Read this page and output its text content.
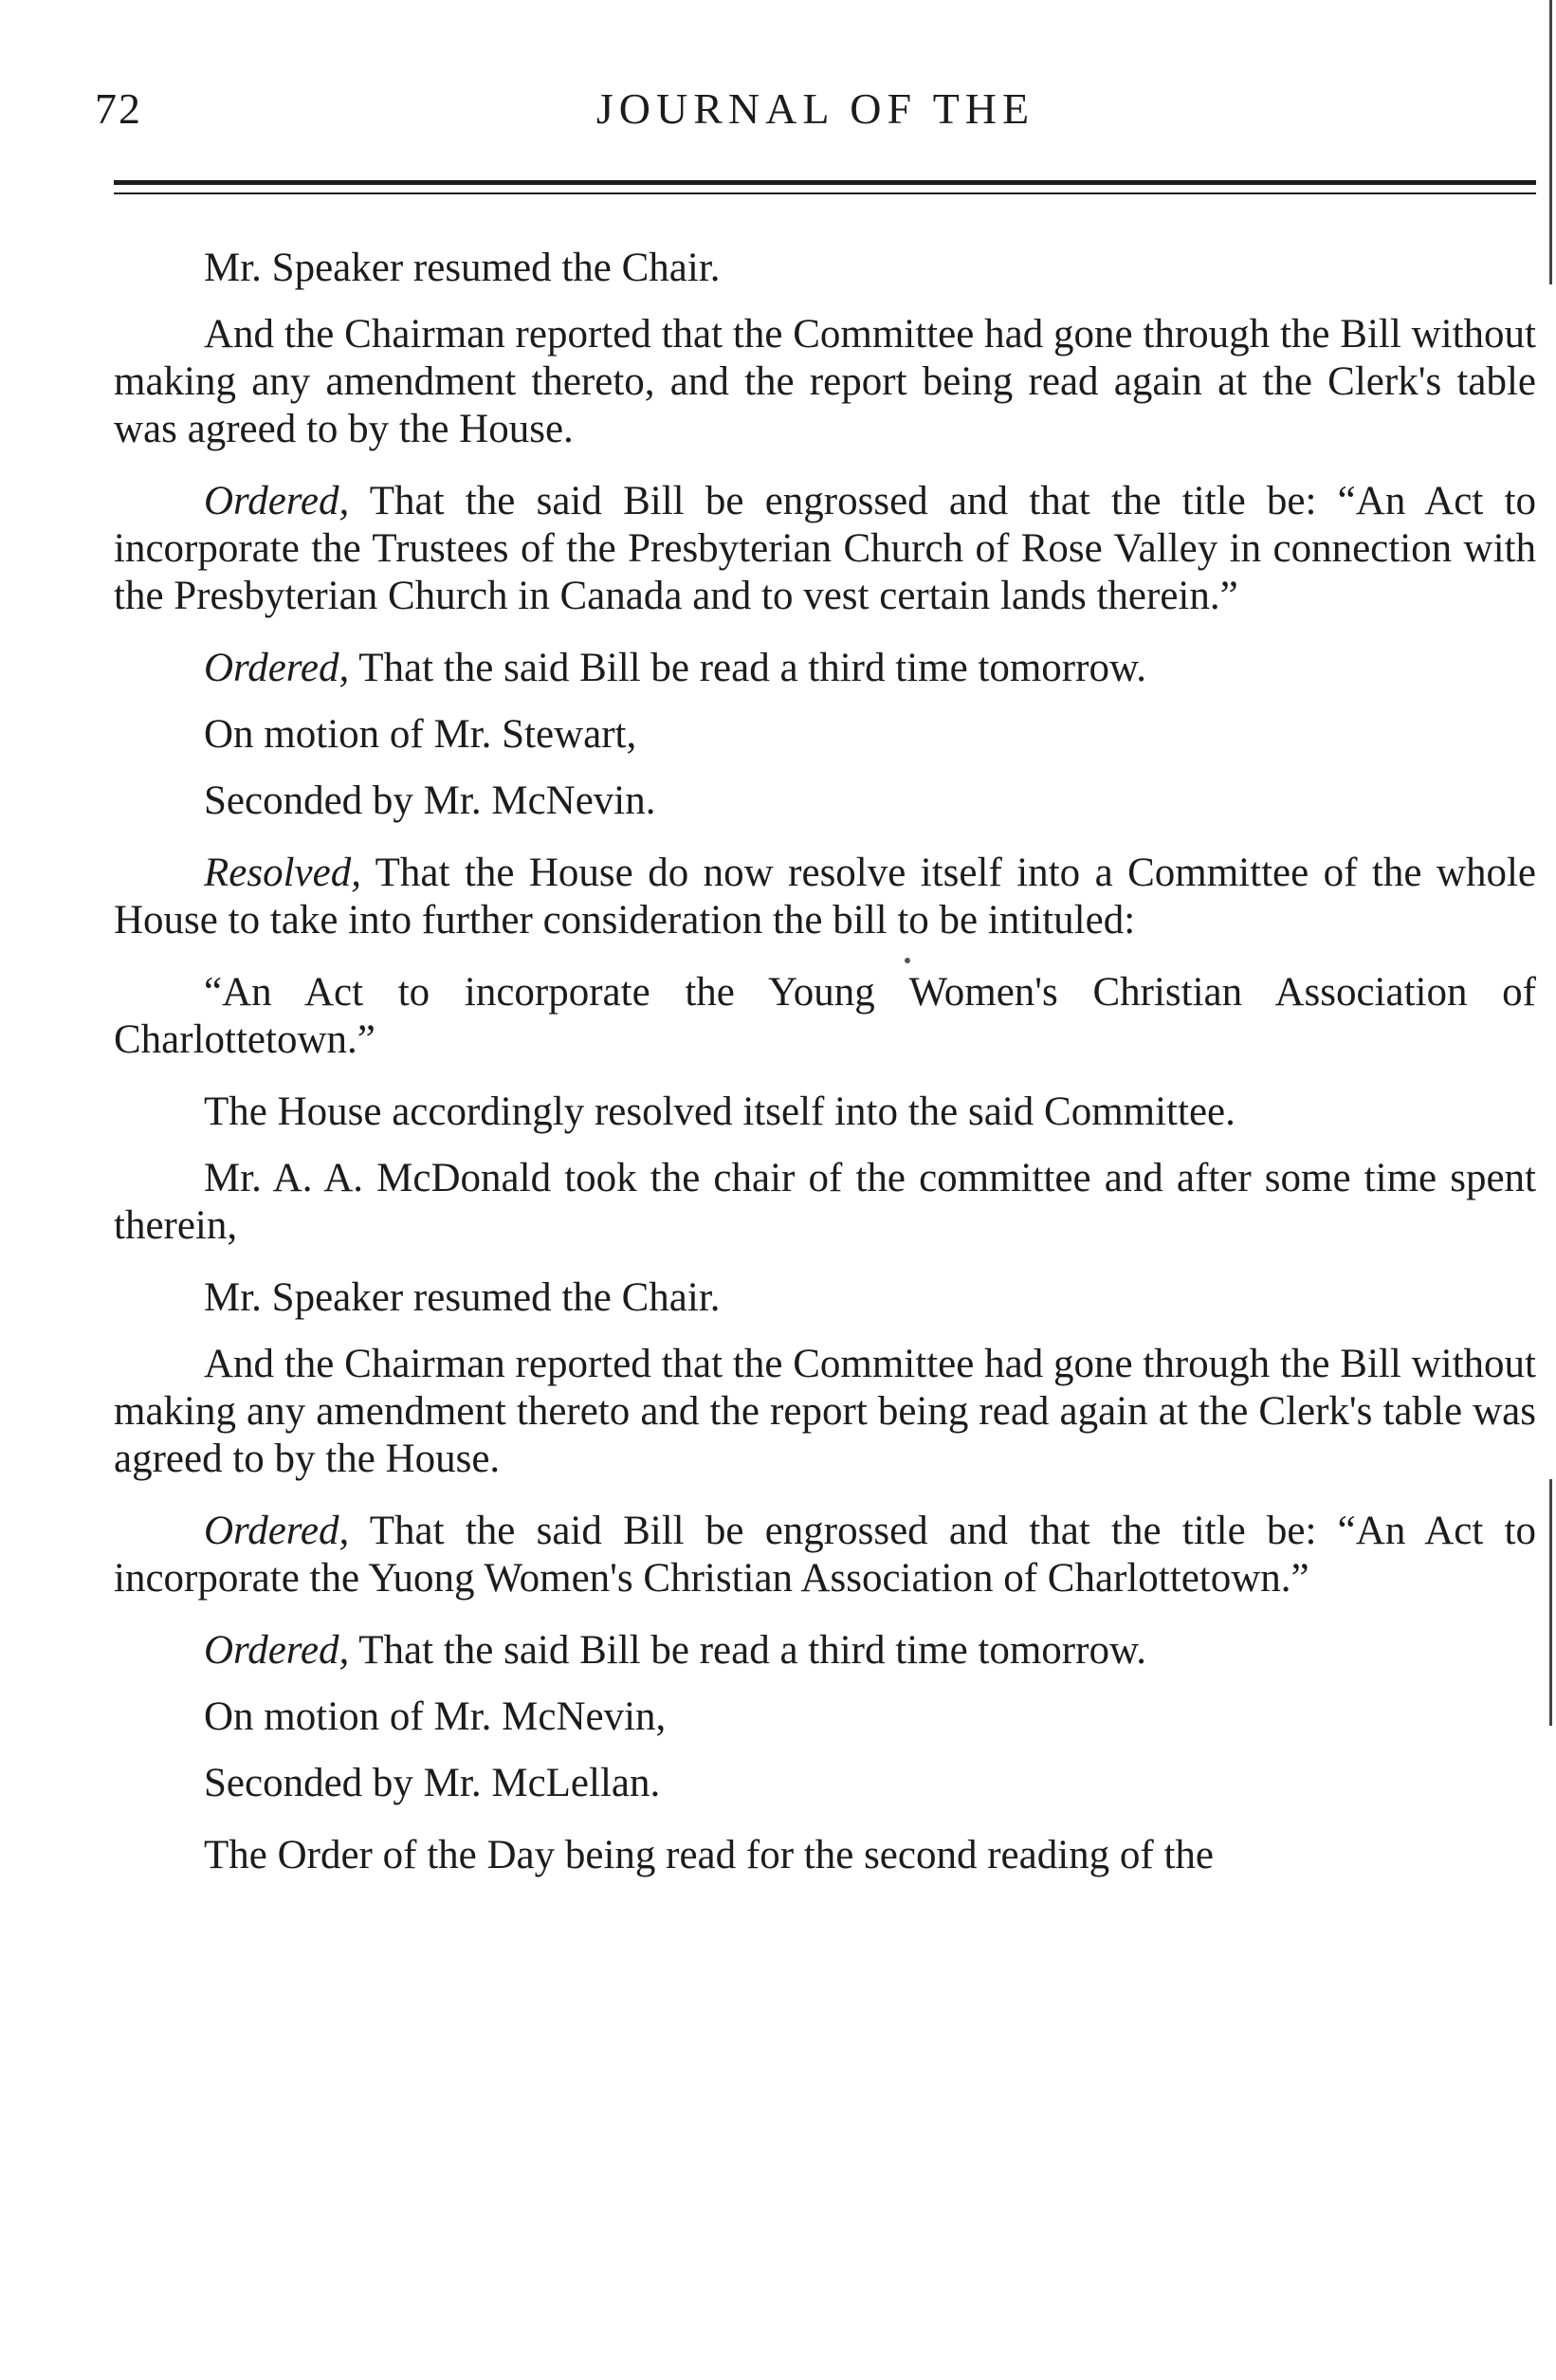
72	JOURNAL OF THE

Mr. Speaker resumed the Chair.

And the Chairman reported that the Committee had gone through the Bill without making any amendment thereto, and the report being read again at the Clerk's table was agreed to by the House.

Ordered, That the said Bill be engrossed and that the title be: “An Act to incorporate the Trustees of the Presbyterian Church of Rose Valley in connection with the Presbyterian Church in Canada and to vest certain lands therein.”

Ordered, That the said Bill be read a third time tomorrow.

On motion of Mr. Stewart,

Seconded by Mr. McNevin.

Resolved, That the House do now resolve itself into a Committee of the whole House to take into further consideration the bill to be intituled:

“An Act to incorporate the Young Women's Christian Association of Charlottetown.”

The House accordingly resolved itself into the said Committee.

Mr. A. A. McDonald took the chair of the committee and after some time spent therein,

Mr. Speaker resumed the Chair.

And the Chairman reported that the Committee had gone through the Bill without making any amendment thereto and the report being read again at the Clerk's table was agreed to by the House.

Ordered, That the said Bill be engrossed and that the title be: “An Act to incorporate the Yuong Women's Christian Association of Charlottetown.”

Ordered, That the said Bill be read a third time tomorrow.

On motion of Mr. McNevin,

Seconded by Mr. McLellan.

The Order of the Day being read for the second reading of the
